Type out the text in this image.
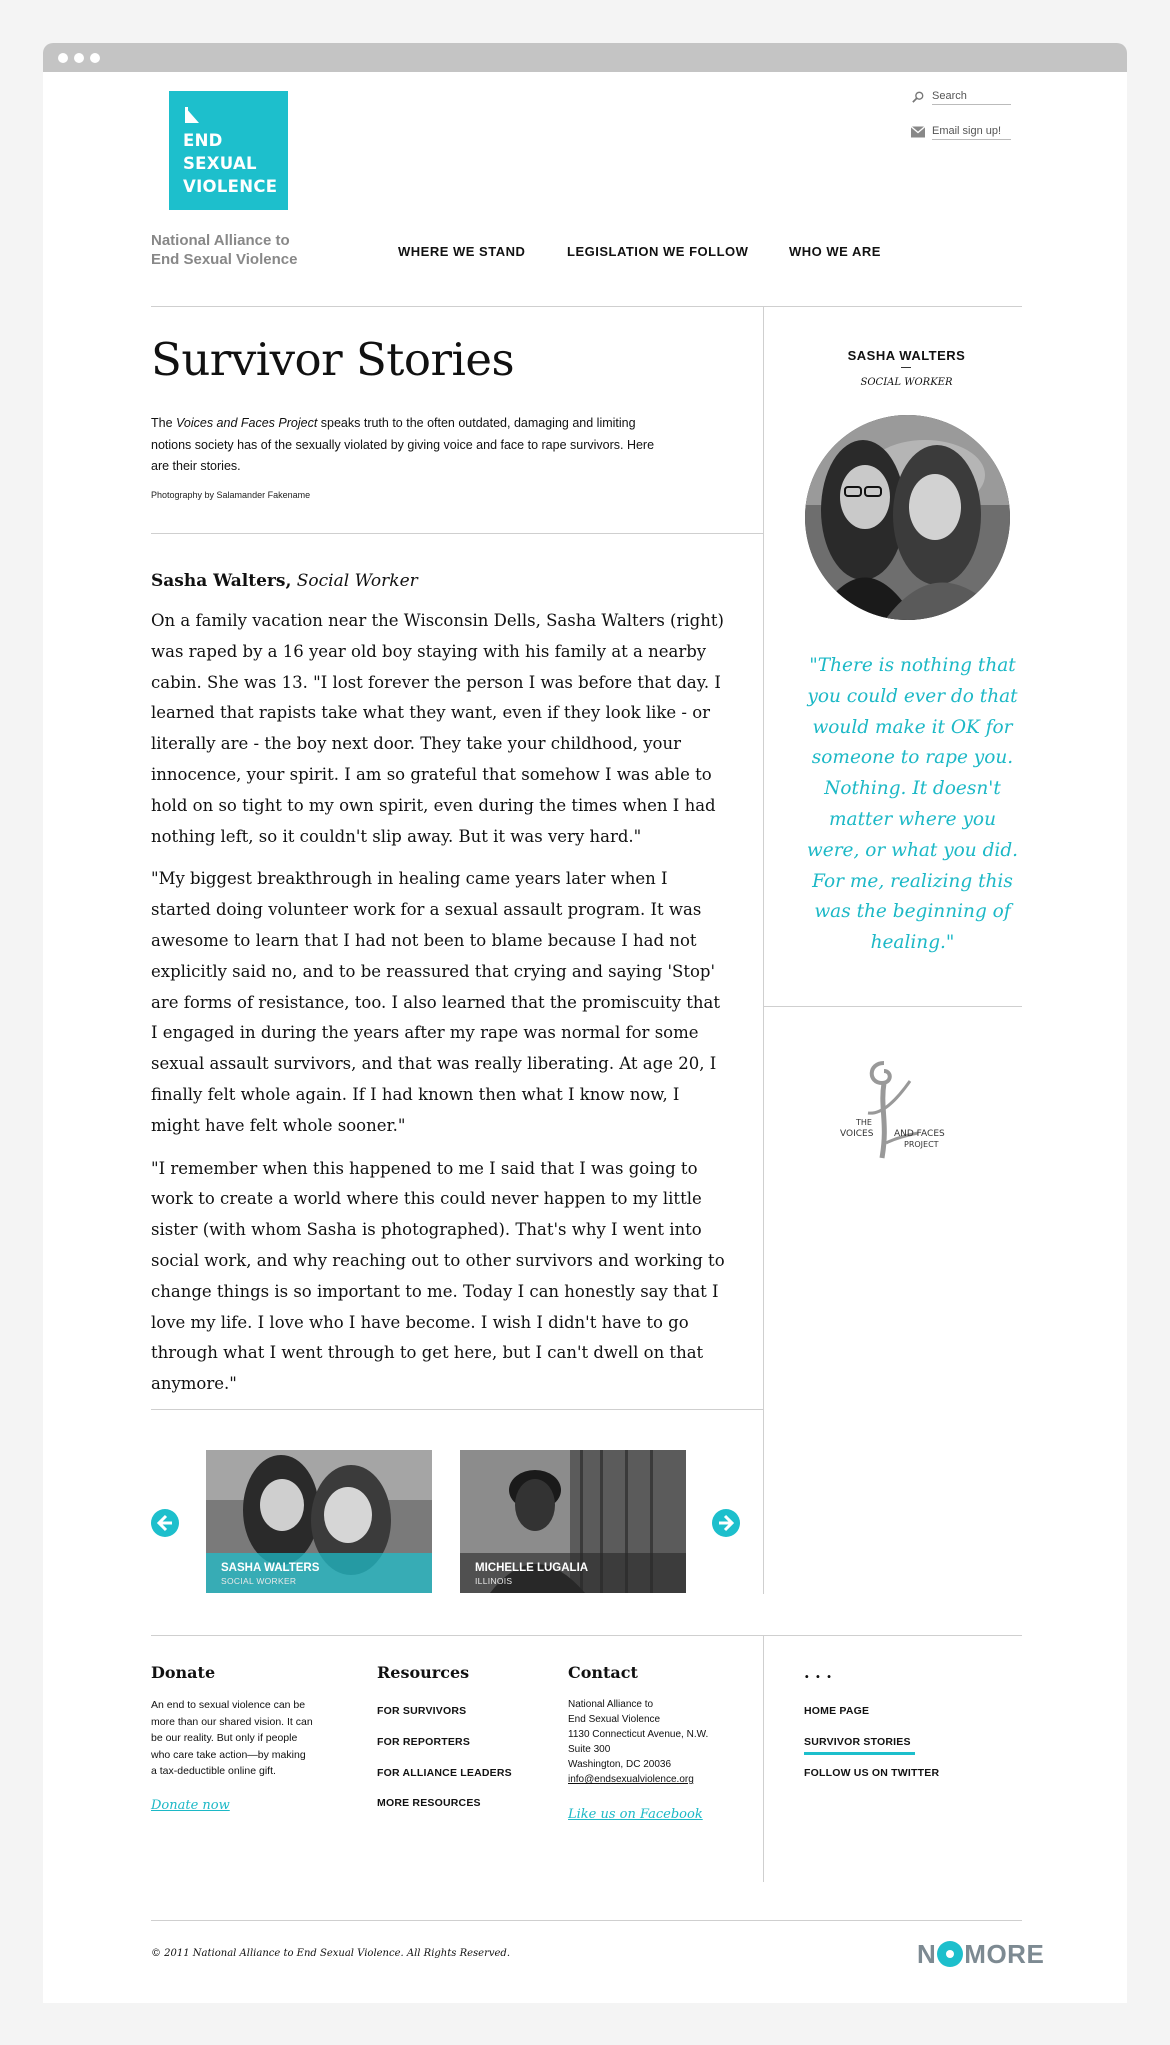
END
SEXUAL
VIOLENCE
National Alliance to
End Sexual Violence
Search
Email sign up!
WHERE WE STAND	LEGISLATION WE FOLLOW	WHO WE ARE
Survivor Stories

The Voices and Faces Project speaks truth to the often outdated, damaging and limiting notions society has of the sexually violated by giving voice and face to rape survivors. Here are their stories.

Photography by Salamander Fakename

Sasha Walters, Social Worker

On a family vacation near the Wisconsin Dells, Sasha Walters (right) was raped by a 16 year old boy staying with his family at a nearby cabin. She was 13. "I lost forever the person I was before that day. I learned that rapists take what they want, even if they look like - or literally are - the boy next door. They take your childhood, your innocence, your spirit. I am so grateful that somehow I was able to hold on so tight to my own spirit, even during the times when I had nothing left, so it couldn't slip away. But it was very hard."

"My biggest breakthrough in healing came years later when I started doing volunteer work for a sexual assault program. It was awesome to learn that I had not been to blame because I had not explicitly said no, and to be reassured that crying and saying 'Stop' are forms of resistance, too. I also learned that the promiscuity that I engaged in during the years after my rape was normal for some sexual assault survivors, and that was really liberating. At age 20, I finally felt whole again. If I had known then what I know now, I might have felt whole sooner."

"I remember when this happened to me I said that I was going to work to create a world where this could never happen to my little sister (with whom Sasha is photographed). That's why I went into social work, and why reaching out to other survivors and working to change things is so important to me. Today I can honestly say that I love my life. I love who I have become. I wish I didn't have to go through what I went through to get here, but I can't dwell on that anymore."

SASHA WALTERS
SOCIAL WORKER

"There is nothing that you could ever do that would make it OK for someone to rape you. Nothing. It doesn't matter where you were, or what you did. For me, realizing this was the beginning of healing."

THE
VOICES AND FACES
PROJECT
SASHA WALTERS
SOCIAL WORKER
MICHELLE LUGALIA
ILLINOIS
Donate
An end to sexual violence can be
more than our shared vision. It can
be our reality. But only if people
who care take action—by making
a tax-deductible online gift.
Donate now
Resources
FOR SURVIVORS
FOR REPORTERS
FOR ALLIANCE LEADERS
MORE RESOURCES
Contact
National Alliance to
End Sexual Violence
1130 Connecticut Avenue, N.W.
Suite 300
Washington, DC 20036
info@endsexualviolence.org
Like us on Facebook
. . .
HOME PAGE
SURVIVOR STORIES
FOLLOW US ON TWITTER

© 2011 National Alliance to End Sexual Violence. All Rights Reserved.	N MORE
